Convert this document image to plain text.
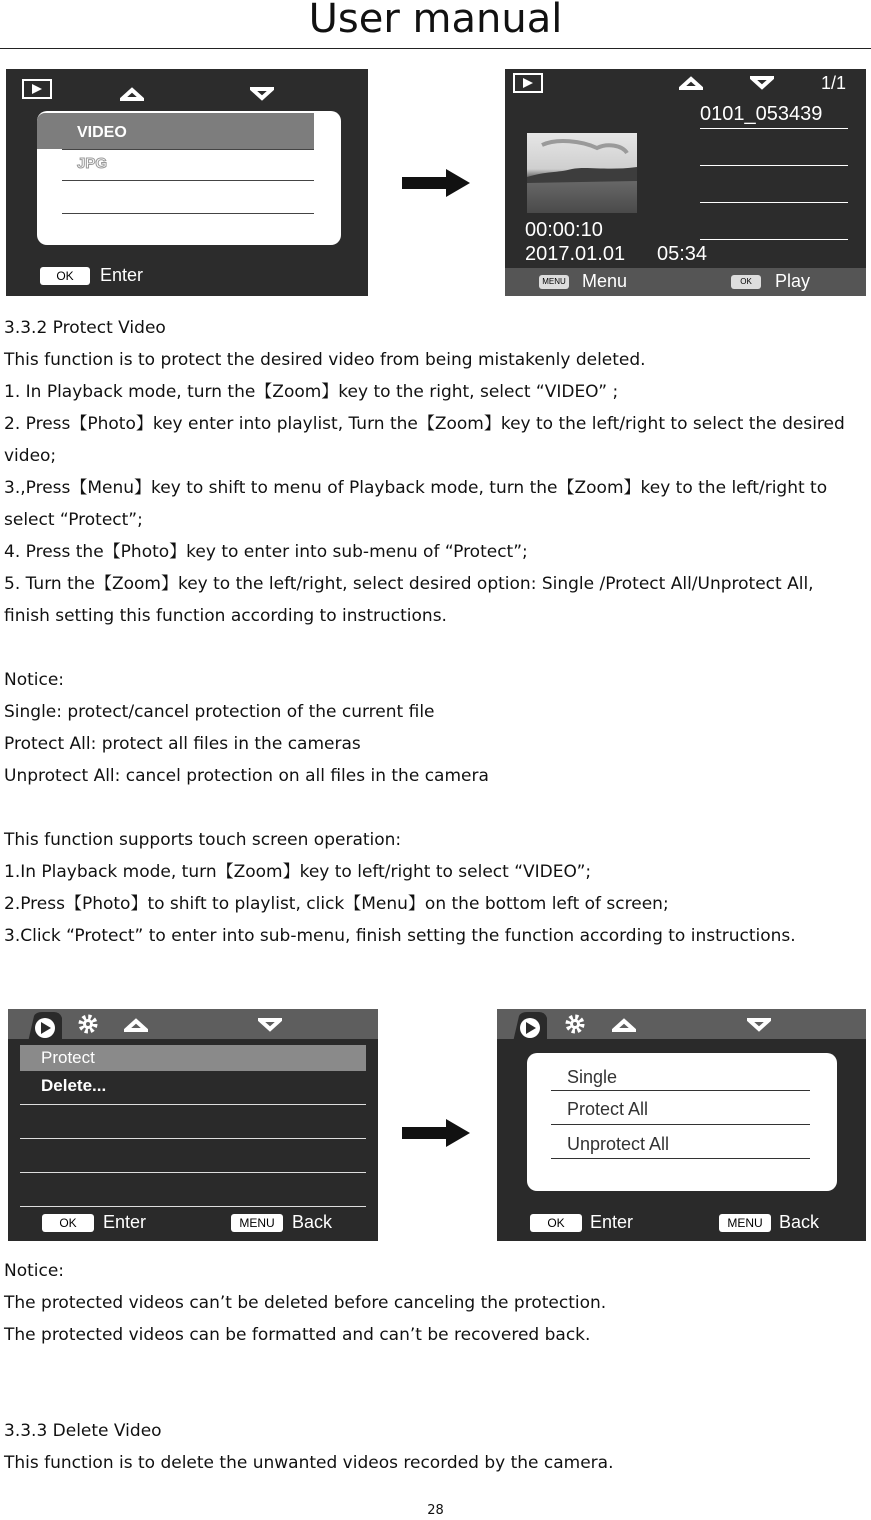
User manual
VIDEO
JPG
OK	Enter
1/1
0101_053439
00:00:10
2017.01.01 05:34
MENU Menu	OK	Play
3.3.2 Protect Video
This function is to protect the desired video from being mistakenly deleted.
1. In Playback mode, turn the【Zoom】key to the right, select “VIDEO” ;
2. Press【Photo】key enter into playlist, Turn the【Zoom】key to the left/right to select the desired
video;
3.,Press【Menu】key to shift to menu of Playback mode, turn the【Zoom】key to the left/right to
select “Protect”;
4. Press the【Photo】key to enter into sub-menu of “Protect”;
5. Turn the【Zoom】key to the left/right, select desired option: Single /Protect All/Unprotect All,
finish setting this function according to instructions.
Notice:
Single: protect/cancel protection of the current file
Protect All: protect all files in the cameras
Unprotect All: cancel protection on all files in the camera
This function supports touch screen operation:
1.In Playback mode, turn【Zoom】key to left/right to select “VIDEO”;
2.Press【Photo】to shift to playlist, click【Menu】on the bottom left of screen;
3.Click “Protect” to enter into sub-menu, finish setting the function according to instructions.
Protect
Delete...
OK	Enter	MENU Back
Single
Protect All
Unprotect All
OK	Enter	MENU Back
Notice:
The protected videos can’t be deleted before canceling the protection.
The protected videos can be formatted and can’t be recovered back.
3.3.3 Delete Video
This function is to delete the unwanted videos recorded by the camera.
28
